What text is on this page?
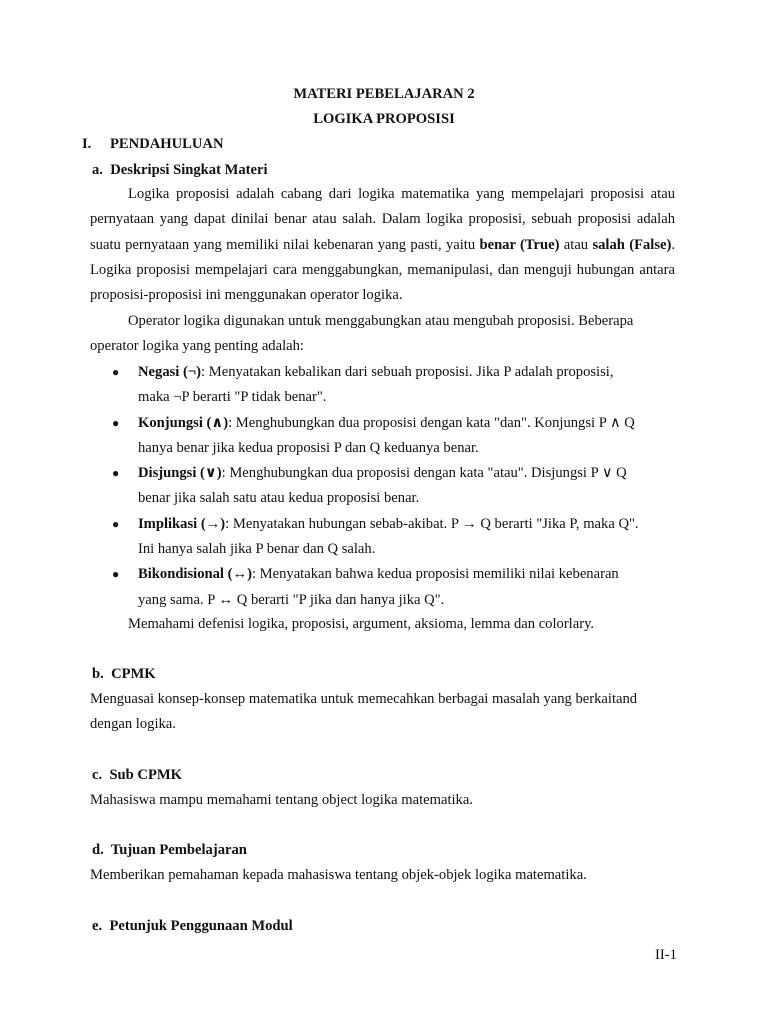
MATERI PEBELAJARAN 2
LOGIKA PROPOSISI
I. PENDAHULUAN
a. Deskripsi Singkat Materi

Logika proposisi adalah cabang dari logika matematika yang mempelajari proposisi atau pernyataan yang dapat dinilai benar atau salah. Dalam logika proposisi, sebuah proposisi adalah suatu pernyataan yang memiliki nilai kebenaran yang pasti, yaitu benar (True) atau salah (False). Logika proposisi mempelajari cara menggabungkan, memanipulasi, dan menguji hubungan antara proposisi-proposisi ini menggunakan operator logika.

Operator logika digunakan untuk menggabungkan atau mengubah proposisi. Beberapa
operator logika yang penting adalah:
● Negasi (¬): Menyatakan kebalikan dari sebuah proposisi. Jika P adalah proposisi,
maka ¬P berarti "P tidak benar".
● Konjungsi (∧): Menghubungkan dua proposisi dengan kata "dan". Konjungsi P ∧ Q
hanya benar jika kedua proposisi P dan Q keduanya benar.
● Disjungsi (∨): Menghubungkan dua proposisi dengan kata "atau". Disjungsi P ∨ Q
benar jika salah satu atau kedua proposisi benar.
● Implikasi (→): Menyatakan hubungan sebab-akibat. P → Q berarti "Jika P, maka Q".
Ini hanya salah jika P benar dan Q salah.
● Bikondisional (↔): Menyatakan bahwa kedua proposisi memiliki nilai kebenaran
yang sama. P ↔ Q berarti "P jika dan hanya jika Q".
Memahami defenisi logika, proposisi, argument, aksioma, lemma dan colorlary.
b. CPMK
Menguasai konsep-konsep matematika untuk memecahkan berbagai masalah yang berkaitand
dengan logika.
c. Sub CPMK
Mahasiswa mampu memahami tentang object logika matematika.
d. Tujuan Pembelajaran
Memberikan pemahaman kepada mahasiswa tentang objek-objek logika matematika.
e. Petunjuk Penggunaan Modul
II-1
